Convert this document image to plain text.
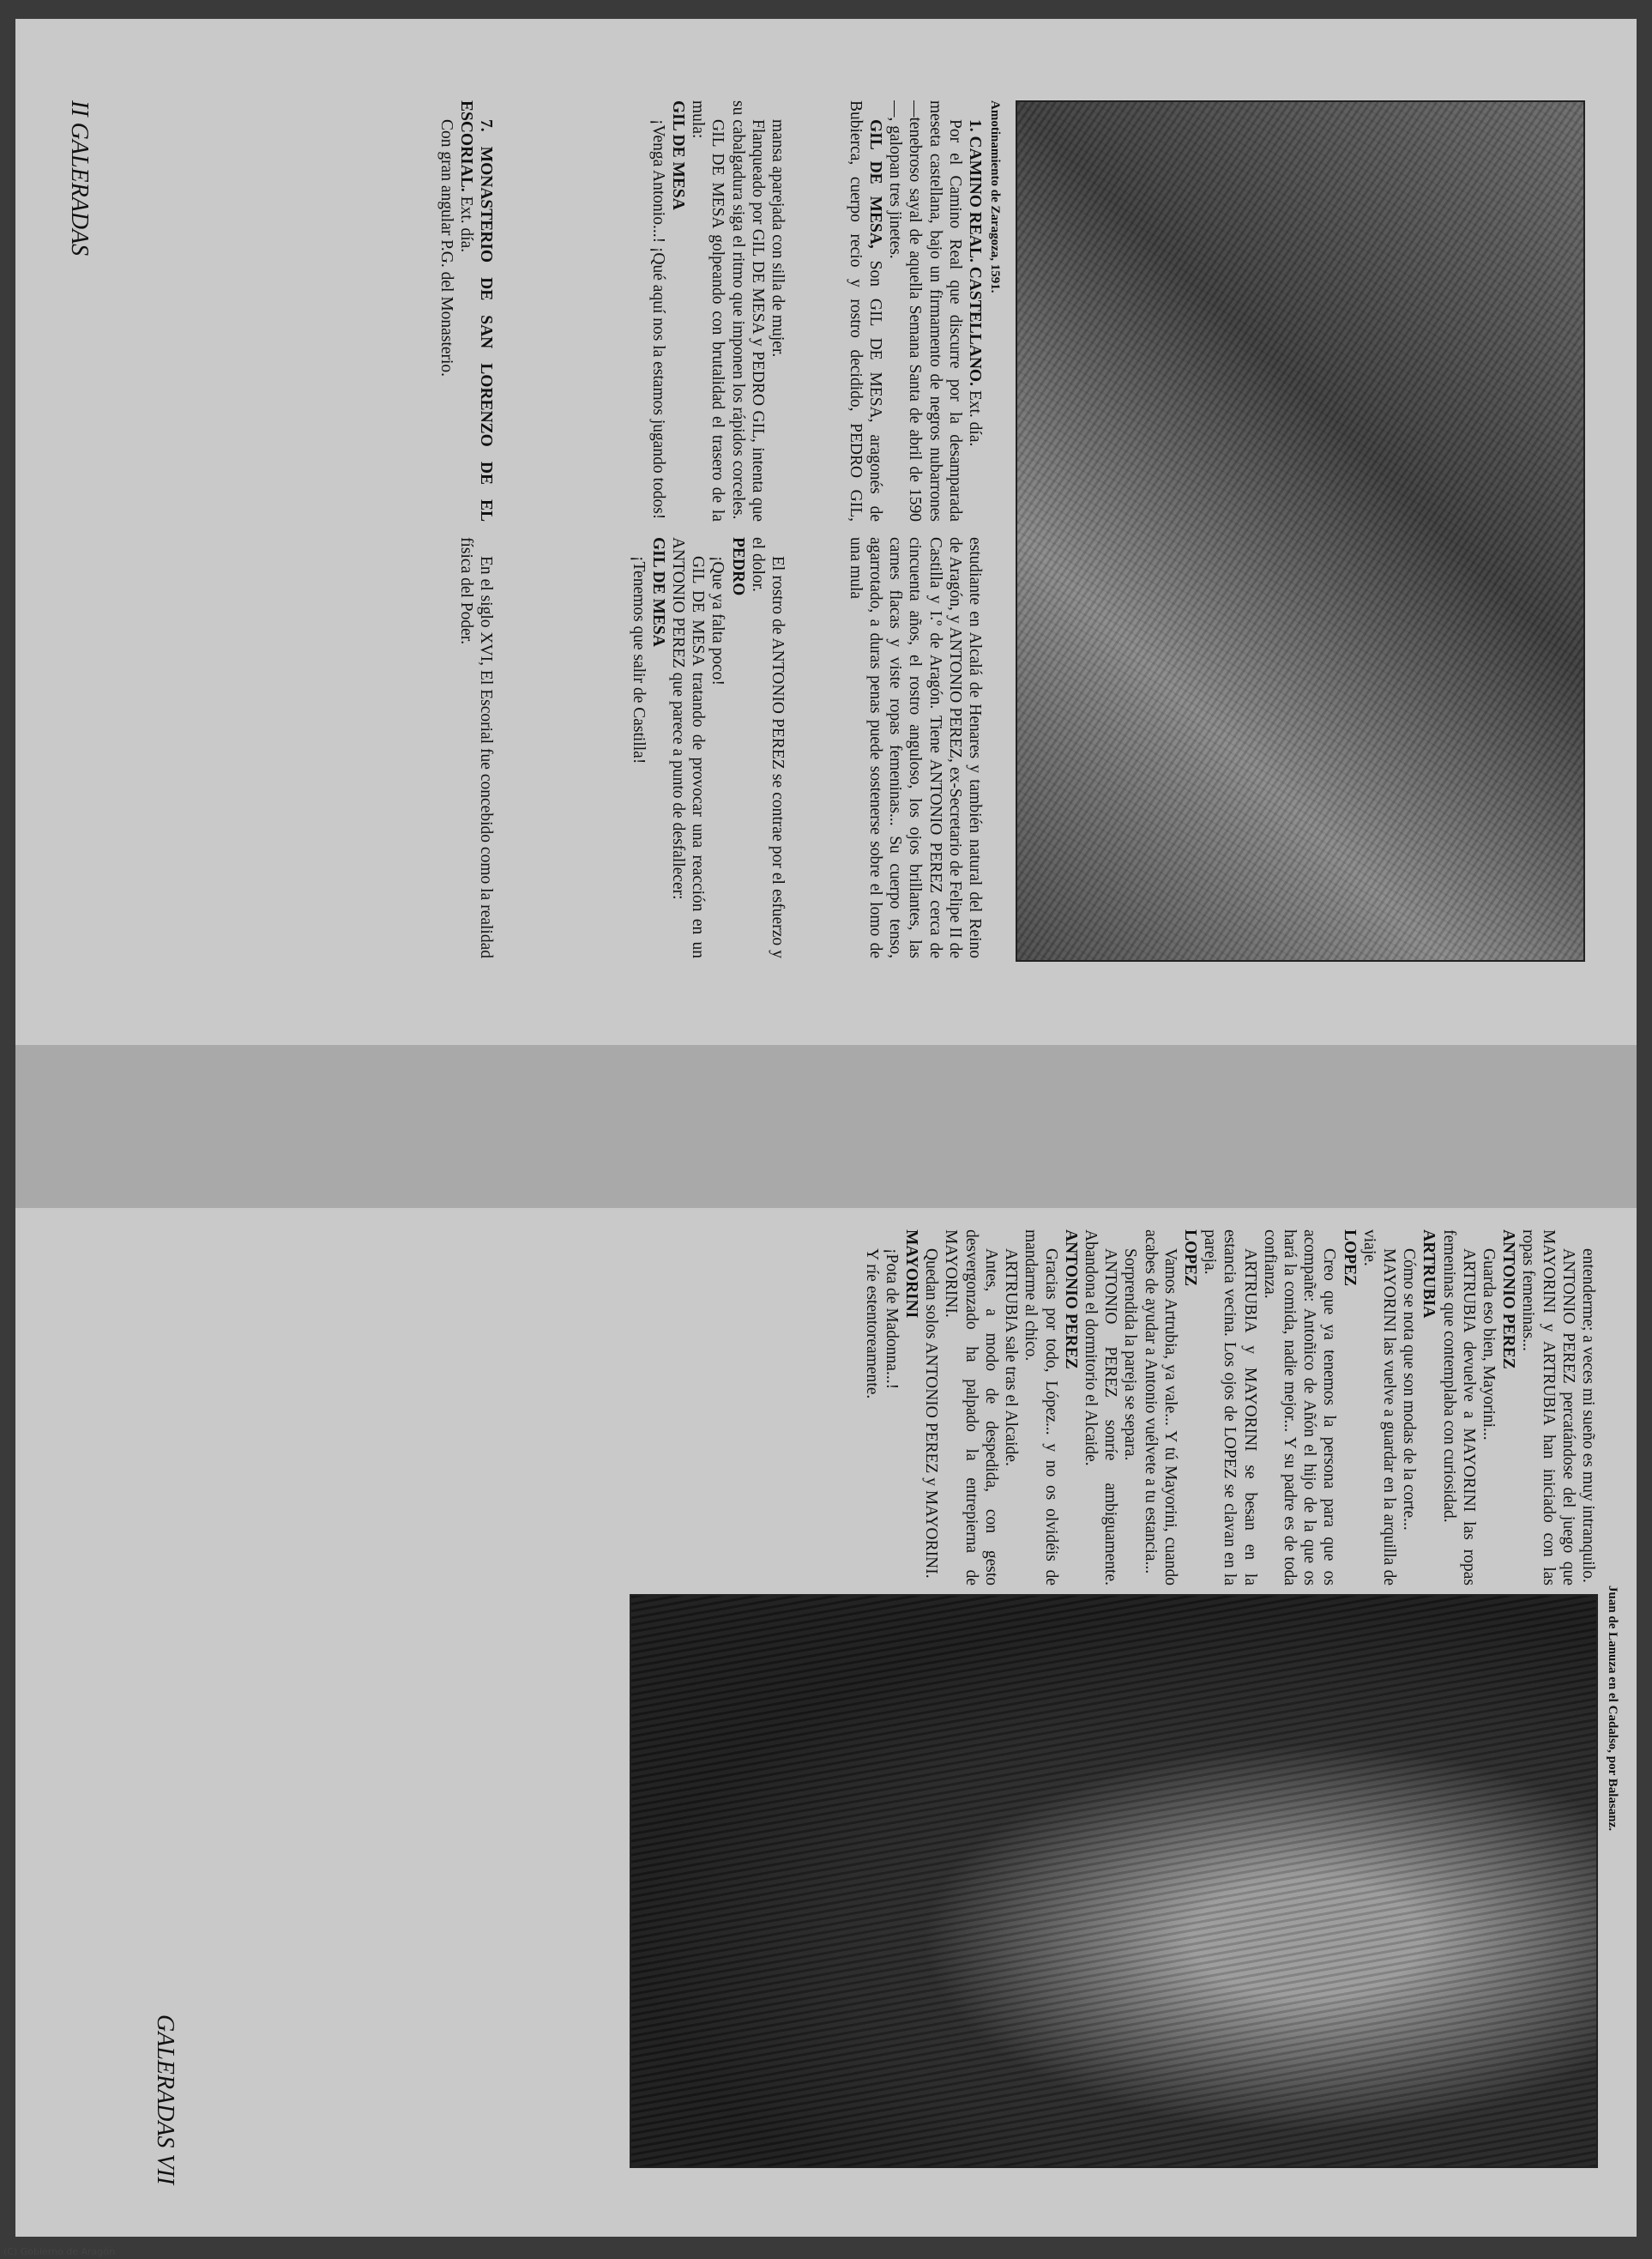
Amotinamiento de Zaragoza, 1591.
II GALERADAS	1. CAMINO REAL. CASTELLANO. Ext. día.

Por el Camino Real que discurre por la desamparada meseta castellana, bajo un firmamento de negros nubarrones —tenebroso sayal de aquella Semana Santa de abril de 1590—, galopan tres jinetes.

GIL DE MESA, Son GIL DE MESA, aragonés de Bubierca, cuerpo recio y rostro decidido, PEDRO GIL, estudiante en Alcalá de Henares y también natural del Reino de Aragón, y ANTONIO PEREZ, ex-Secretario de Felipe II de Castilla y I.º de Aragón. Tiene ANTONIO PEREZ cerca de cincuenta años, el rostro anguloso, los ojos brillantes, las carnes flacas y viste ropas femeninas... Su cuerpo tenso, agarrotado, a duras penas puede sostenerse sobre el lomo de una mula

mansa aparejada con silla de mujer.

Flanqueado por GIL DE MESA y PEDRO GIL, intenta que su cabalgadura siga el ritmo que imponen los rápidos corceles.

GIL DE MESA golpeando con brutalidad el trasero de la mula:

GIL DE MESA

¡Venga Antonio...! ¡Qué aquí nos la estamos jugando todos!

El rostro de ANTONIO PEREZ se contrae por el esfuerzo y el dolor.

PEDRO

¡Que ya falta poco!

GIL DE MESA tratando de provocar una reacción en un ANTONIO PEREZ que parece a punto de desfallecer:

GIL DE MESA

¡Tenemos que salir de Castilla!

7. MONASTERIO DE SAN LORENZO DE EL ESCORIAL. Ext. día.

Con gran angular P.G. del Monasterio.

En el siglo XVI, El Escorial fue concebido como la realidad física del Poder.

Juan de Lanuza en el Cadalso, por Balasanz.
GALERADAS VII

entenderme; a veces mi sueño es muy intranquilo.

ANTONIO PEREZ percatándose del juego que MAYORINI y ARTRUBIA han iniciado con las ropas femeninas...

ANTONIO PEREZ

Guarda eso bien, Mayorini...

ARTRUBIA devuelve a MAYORINI las ropas femeninas que contemplaba con curiosidad.

ARTRUBIA

Cómo se nota que son modas de la corte...

MAYORINI las vuelve a guardar en la arquilla de viaje.

LOPEZ

Creo que ya tenemos la persona para que os acompañe: Antoñico de Añón el hijo de la que os hará la comida, nadie mejor... Y su padre es de toda confianza.

ARTRUBIA y MAYORINI se besan en la estancia vecina. Los ojos de LOPEZ se clavan en la pareja.

LOPEZ

Vamos Artrubia, ya vale... Y tú Mayorini, cuando acabes de ayudar a Antonio vuélvete a tu estancia...

Sorprendida la pareja se separa.

ANTONIO PEREZ sonríe ambiguamente. Abandona el dormitorio el Alcaide.

ANTONIO PEREZ

Gracias por todo, López... y no os olvidéis de mandarme al chico.

ARTRUBIA sale tras el Alcaide.

Antes, a modo de despedida, con gesto desvergonzado ha palpado la entrepierna de MAYORINI.

Quedan solos ANTONIO PEREZ y MAYORINI.

MAYORINI

¡Pota de Madonna...!

Y ríe estentoreamente.

(C) Gobierno de Aragón
